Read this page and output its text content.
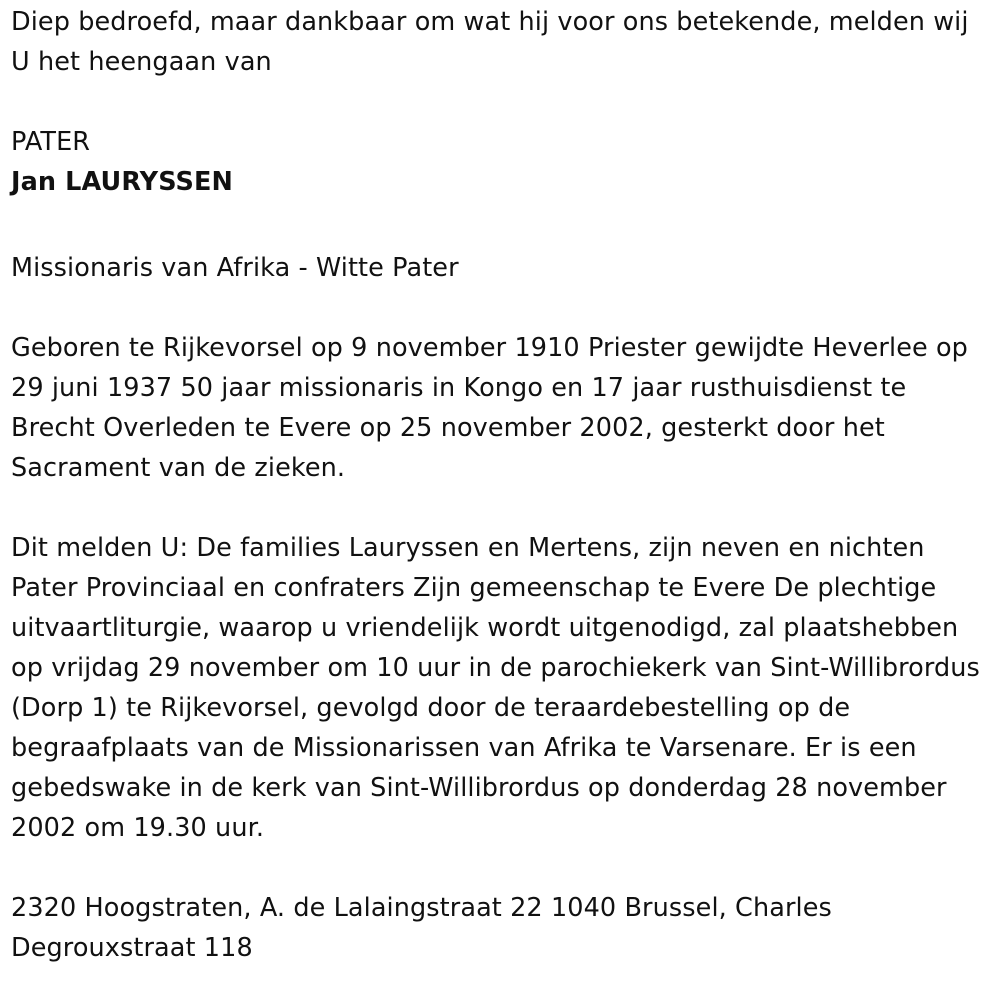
Diep bedroefd, maar dankbaar om wat hij voor ons betekende, melden wij U het heengaan van

PATER

Jan LAURYSSEN

Missionaris van Afrika - Witte Pater

Geboren te Rijkevorsel op 9 november 1910 Priester gewijdte Heverlee op 29 juni 1937 50 jaar missionaris in Kongo en 17 jaar rusthuisdienst te Brecht Overleden te Evere op 25 november 2002, gesterkt door het Sacrament van de zieken.

Dit melden U: De families Lauryssen en Mertens, zijn neven en nichten Pater Provinciaal en confraters Zijn gemeenschap te Evere De plechtige uitvaartliturgie, waarop u vriendelijk wordt uitgenodigd, zal plaatshebben op vrijdag 29 november om 10 uur in de parochiekerk van Sint-Willibrordus (Dorp 1) te Rijkevorsel, gevolgd door de teraardebestelling op de begraafplaats van de Missionarissen van Afrika te Varsenare. Er is een gebedswake in de kerk van Sint-Willibrordus op donderdag 28 november 2002 om 19.30 uur.

2320 Hoogstraten, A. de Lalaingstraat 22 1040 Brussel, Charles Degrouxstraat 118
